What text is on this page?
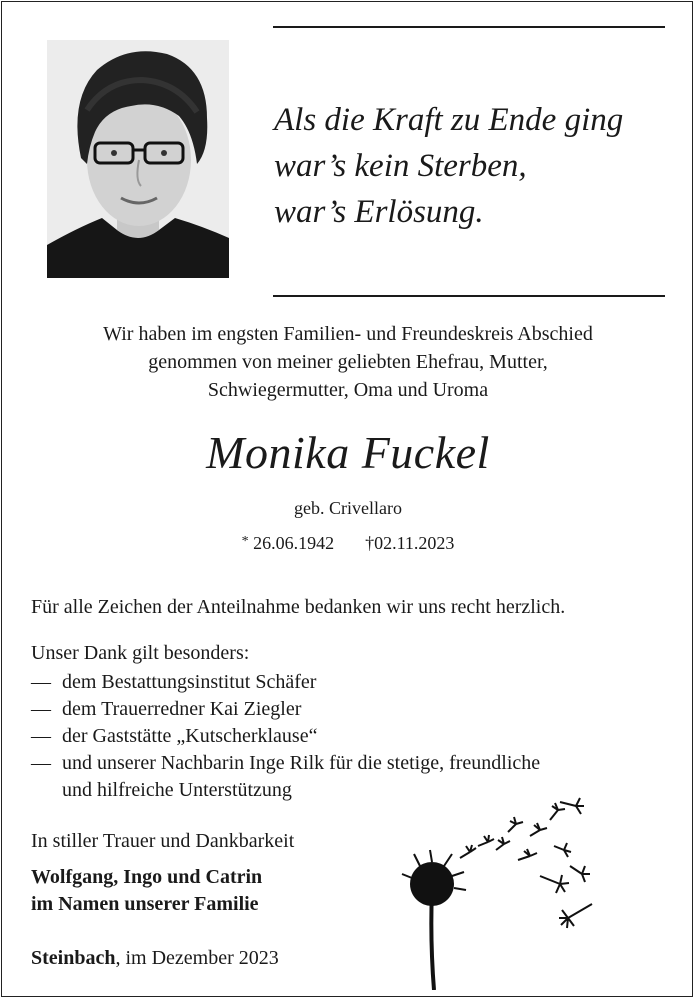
Als die Kraft zu Ende ging
war’s kein Sterben,
war’s Erlösung.
Wir haben im engsten Familien- und Freundeskreis Abschied
genommen von meiner geliebten Ehefrau, Mutter,
Schwiegermutter, Oma und Uroma
Monika Fuckel
geb. Crivellaro
* 26.06.1942 †02.11.2023
Für alle Zeichen der Anteilnahme bedanken wir uns recht herzlich.
Unser Dank gilt besonders:
— dem Bestattungsinstitut Schäfer
— dem Trauerredner Kai Ziegler
— der Gaststätte „Kutscherklause“
— und unserer Nachbarin Inge Rilk für die stetige, freundliche
und hilfreiche Unterstützung
In stiller Trauer und Dankbarkeit
Wolfgang, Ingo und Catrin
im Namen unserer Familie
Steinbach, im Dezember 2023
